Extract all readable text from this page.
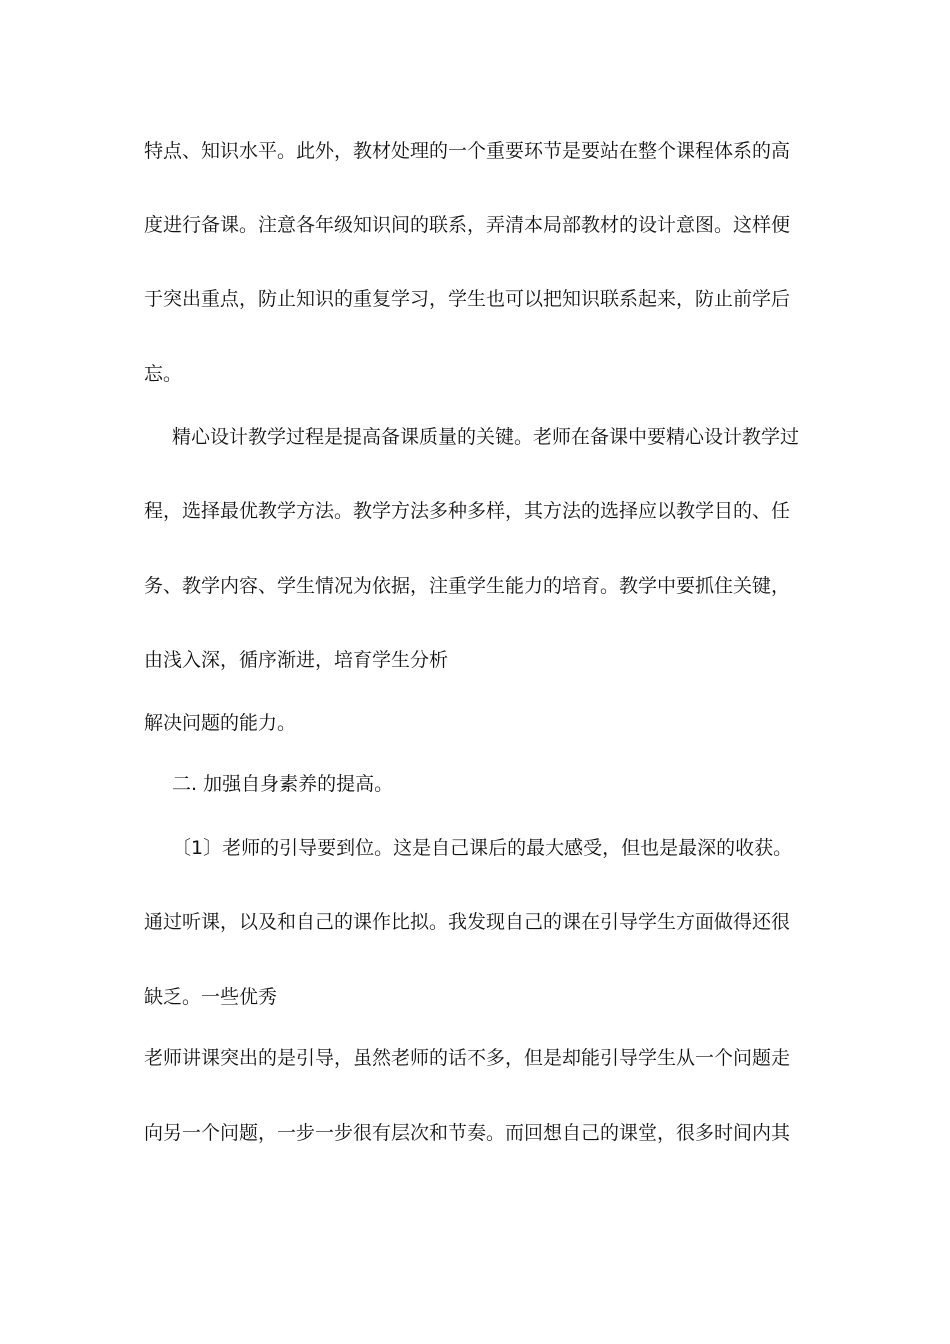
特点、知识水平。此外，教材处理的一个重要环节是要站在整个课程体系的高
度进行备课。注意各年级知识间的联系，弄清本局部教材的设计意图。这样便
于突出重点，防止知识的重复学习，学生也可以把知识联系起来，防止前学后
忘。
精心设计教学过程是提高备课质量的关键。老师在备课中要精心设计教学过
程，选择最优教学方法。教学方法多种多样，其方法的选择应以教学目的、任
务、教学内容、学生情况为依据，注重学生能力的培育。教学中要抓住关键，
由浅入深，循序渐进，培育学生分析
解决问题的能力。
二. 加强自身素养的提高。
〔1〕老师的引导要到位。这是自己课后的最大感受，但也是最深的收获。
通过听课，以及和自己的课作比拟。我发现自己的课在引导学生方面做得还很
缺乏。一些优秀
老师讲课突出的是引导，虽然老师的话不多，但是却能引导学生从一个问题走
向另一个问题，一步一步很有层次和节奏。而回想自己的课堂，很多时间内其
